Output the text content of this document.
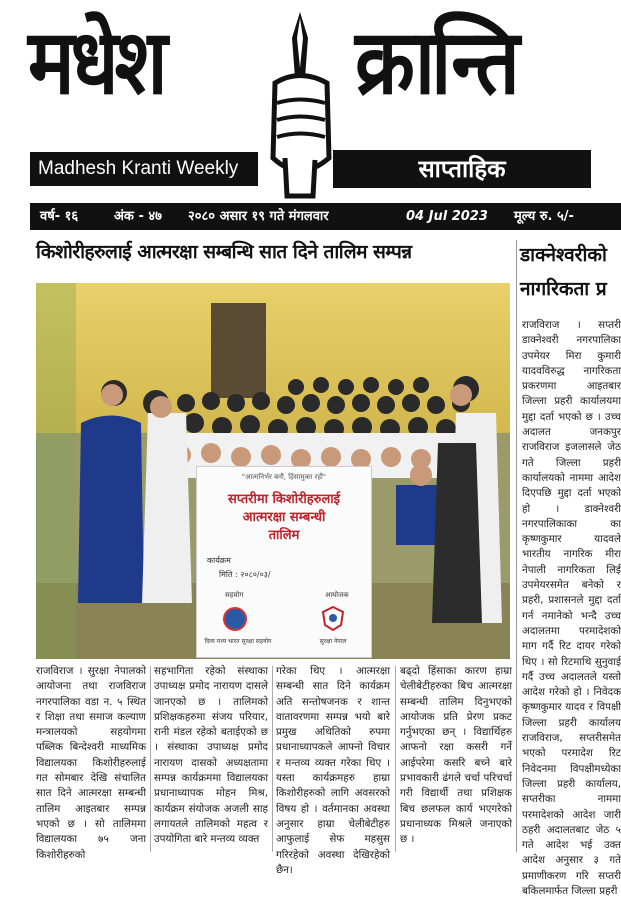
मधेश क्रान्ति
Madhesh Kranti Weekly	साप्ताहिक
वर्ष- १६	अंक - ४७ २०८० असार १९ गते मंगलवार	04 Jul 2023 मूल्य रु. ५/-
किशोरीहरुलाई आत्मरक्षा सम्बन्धि सात दिने तालिम सम्पन्न	डाक्नेश्वरीको
नागरिकता प्र
"आत्मनिर्भर बनौं, हिंसामुक्त रहौं"
सप्तरीमा किशोरीहरुलाई
आत्मरक्षा सम्बन्धी
तालिम
कार्यक्रम
मिति : २०८०/०३/
सहयोग	आयोजक
दिव्य मध्य भारत सुरक्षा सहयोग	सुरक्षा नेपाल

राजविराज । सुरक्षा नेपालको आयोजना तथा राजविराज नगरपालिका वडा न. ५ स्थित र शिक्षा तथा समाज कल्याण मन्त्रालयको सहयोगमा पब्लिक बिन्देश्वरी माध्यमिक विद्यालयका किशोरीहरुलाई गत सोमबार देखि संचालित सात दिने आत्मरक्षा सम्बन्धी तालिम आइतबार सम्पन्न भएको छ । सो तालिममा विद्यालयका ७५ जना किशोरीहरुको

सहभागिता रहेको संस्थाका उपाध्यक्ष प्रमोद नारायण दासले जानएको छ । तालिमको प्रशिक्षकहरुमा संजय परियार, रानी मंडल रहेको बताईएको छ । संस्थाका उपाध्यक्ष प्रमोद नारायण दासको अध्यक्षतामा सम्पन्न कार्यक्रममा विद्यालयका प्रधानाध्यापक मोहन मिश्र, कार्यक्रम संयोजक अजली साह लगायतले तालिमको महत्व र उपयोगिता बारे मन्तव्य व्यक्त

गरेका थिए । आत्मरक्षा सम्बन्धी सात दिने कार्यक्रम अति सन्तोषजनक र शान्त वातावरणमा सम्पन्न भयो बारे प्रमुख अथितिको रुपमा प्रधानाध्यापकले आफ्नो विचार र मन्तव्य व्यक्त गरेका थिए । यस्ता कार्यक्रमहरु हाम्रा किशोरीहरुको लागि अवसरको विषय हो । वर्तमानका अवस्था अनुसार हाम्रा चेलीबेटीहरु आफुलाई सेफ महसुस गरिरहेको अवस्था देखिरहेको छैन।

बढ्दो हिंसाका कारण हाम्रा चेलीबेटीहरुका बिच आत्मरक्षा सम्बन्धी तालिम दिनुभएको आयोजक प्रति प्रेरण प्रकट गर्नुभएका छन् । विद्यार्थिहरु आफनो रक्षा कसरी गर्ने आईपरेमा कसरि बच्ने बारे प्रभावकारी ढंगले चर्चा परिचर्चा गरी विद्यार्थी तथा प्रशिक्षक बिच छलफल कार्य भएगरेको प्रधानाध्यक मिश्रले जनाएको छ ।

राजविराज । सप्तरी डाक्नेश्वरी नगरपालिका उपमेयर मिरा कुमारी यादवविरुद्ध नागरिकता प्रकरणमा आइतबार जिल्ला प्रहरी कार्यालयमा मुद्दा दर्ता भएको छ । उच्च अदालत जनकपुर राजविराज इजलासले जेठ गते जिल्ला प्रहरी कार्यालयको नाममा आदेश दिएपछि मुद्दा दर्ता भएको हो । डाक्नेश्वरी नगरपालिकाका का कृष्णकुमार यादवले भारतीय नागरिक मीरा नेपाली नागरिकता लिई उपमेयरसमेत बनेको र प्रहरी, प्रशासनले मुद्दा दर्ता गर्न नमानेको भन्दै उच्च अदालतमा परमादेशको माग गर्दै रिट दायर गरेको थिए । सो रिटमाथि सुनुवाई गर्दै उच्च अदालतले यस्तो आदेश गरेको हो । निवेदक कृष्णकुमार यादव र विपक्षी जिल्ला प्रहरी कार्यालय राजविराज, सप्तरीसमेत भएको परमादेश रिट निवेदनमा विपक्षीमध्येका जिल्ला प्रहरी कार्यालय, सप्तरीका नाममा परमादेशको आदेश जारी ठहरी अदालतबाट जेठ ५ गते आदेश भई उक्त आदेश अनुसार ३ गते प्रमाणीकरण गरि सप्तरी बकिलमार्फत जिल्ला प्रहरी
